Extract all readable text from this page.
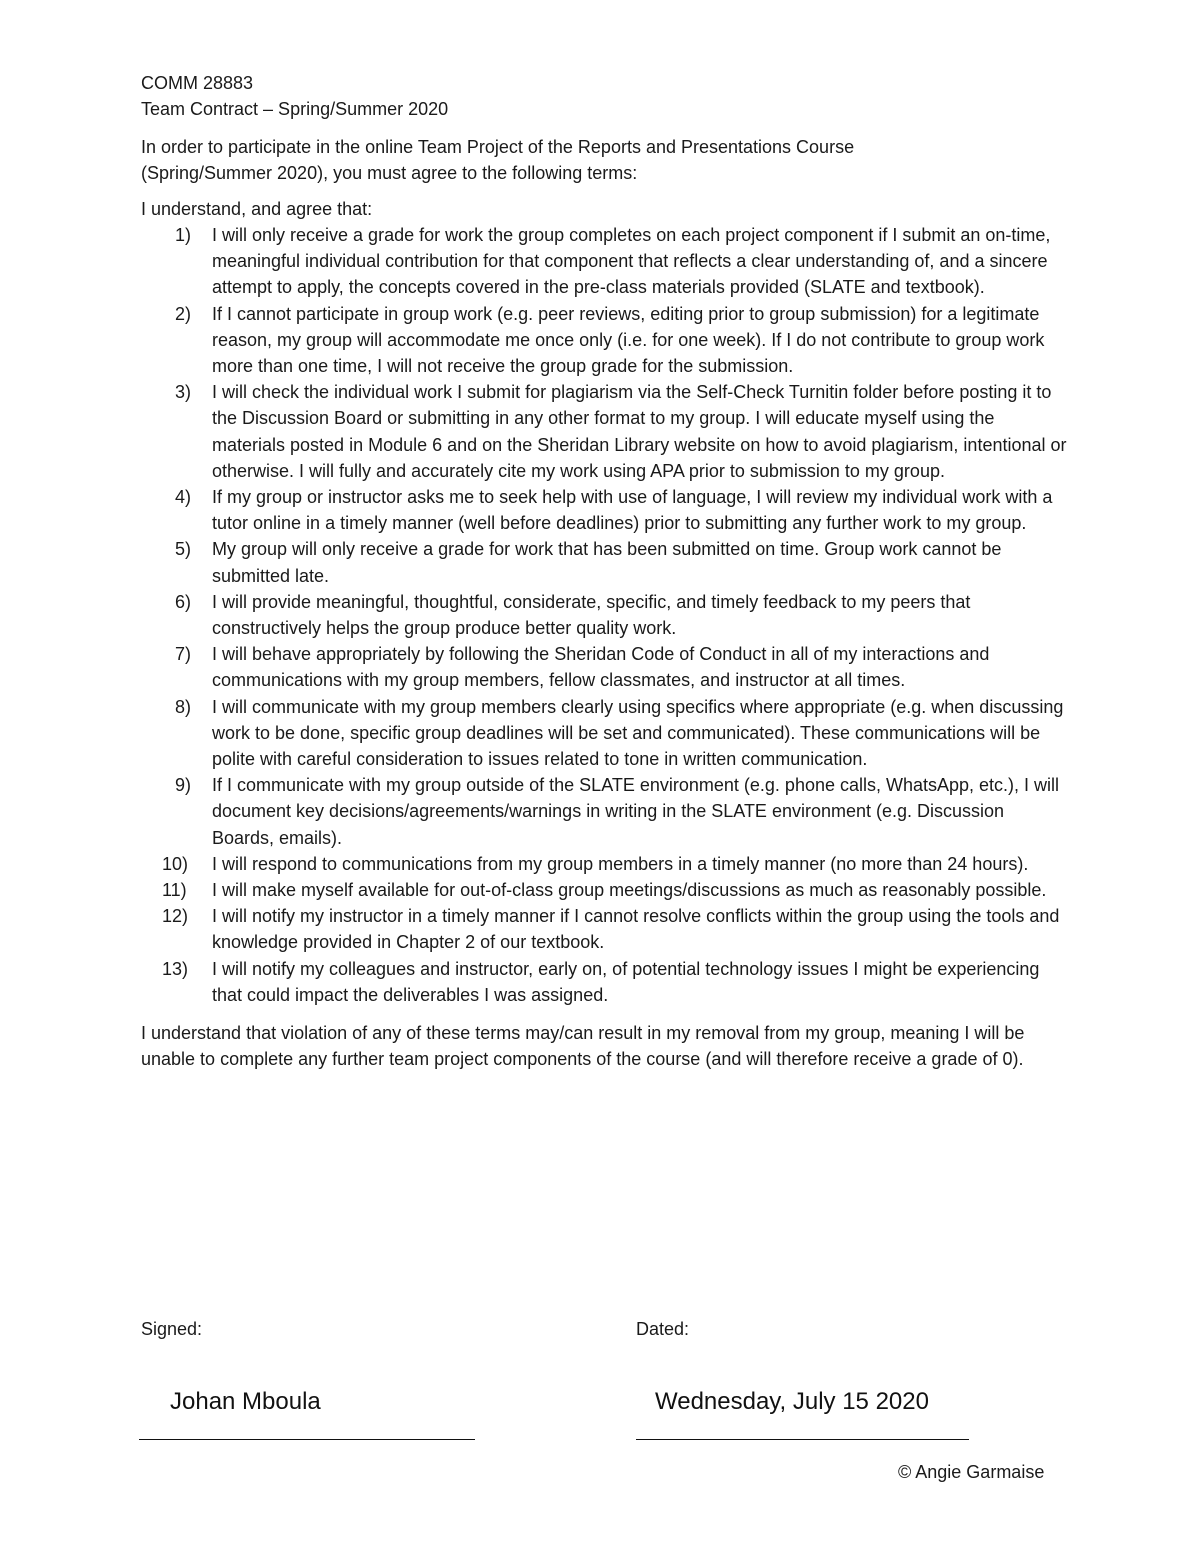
COMM 28883

Team Contract – Spring/Summer 2020

In order to participate in the online Team Project of the Reports and Presentations Course

(Spring/Summer 2020), you must agree to the following terms:

I understand, and agree that:

1) I will only receive a grade for work the group completes on each project component if I submit an on-time, meaningful individual contribution for that component that reflects a clear understanding of, and a sincere attempt to apply, the concepts covered in the pre-class materials provided (SLATE and textbook).
2) If I cannot participate in group work (e.g. peer reviews, editing prior to group submission) for a legitimate reason, my group will accommodate me once only (i.e. for one week). If I do not contribute to group work more than one time, I will not receive the group grade for the submission.
3) I will check the individual work I submit for plagiarism via the Self-Check Turnitin folder before posting it to the Discussion Board or submitting in any other format to my group. I will educate myself using the materials posted in Module 6 and on the Sheridan Library website on how to avoid plagiarism, intentional or otherwise. I will fully and accurately cite my work using APA prior to submission to my group.
4) If my group or instructor asks me to seek help with use of language, I will review my individual work with a tutor online in a timely manner (well before deadlines) prior to submitting any further work to my group.
5) My group will only receive a grade for work that has been submitted on time. Group work cannot be submitted late.
6) I will provide meaningful, thoughtful, considerate, specific, and timely feedback to my peers that constructively helps the group produce better quality work.
7) I will behave appropriately by following the Sheridan Code of Conduct in all of my interactions and communications with my group members, fellow classmates, and instructor at all times.
8) I will communicate with my group members clearly using specifics where appropriate (e.g. when discussing work to be done, specific group deadlines will be set and communicated). These communications will be polite with careful consideration to issues related to tone in written communication.
9) If I communicate with my group outside of the SLATE environment (e.g. phone calls, WhatsApp, etc.), I will document key decisions/agreements/warnings in writing in the SLATE environment (e.g. Discussion Boards, emails).
10) I will respond to communications from my group members in a timely manner (no more than 24 hours).
11) I will make myself available for out-of-class group meetings/discussions as much as reasonably possible.
12) I will notify my instructor in a timely manner if I cannot resolve conflicts within the group using the tools and knowledge provided in Chapter 2 of our textbook.
13) I will notify my colleagues and instructor, early on, of potential technology issues I might be experiencing that could impact the deliverables I was assigned.

I understand that violation of any of these terms may/can result in my removal from my group, meaning I will be unable to complete any further team project components of the course (and will therefore receive a grade of 0).

Signed:	Dated:
Johan Mboula	Wednesday, July 15 2020
© Angie Garmaise
